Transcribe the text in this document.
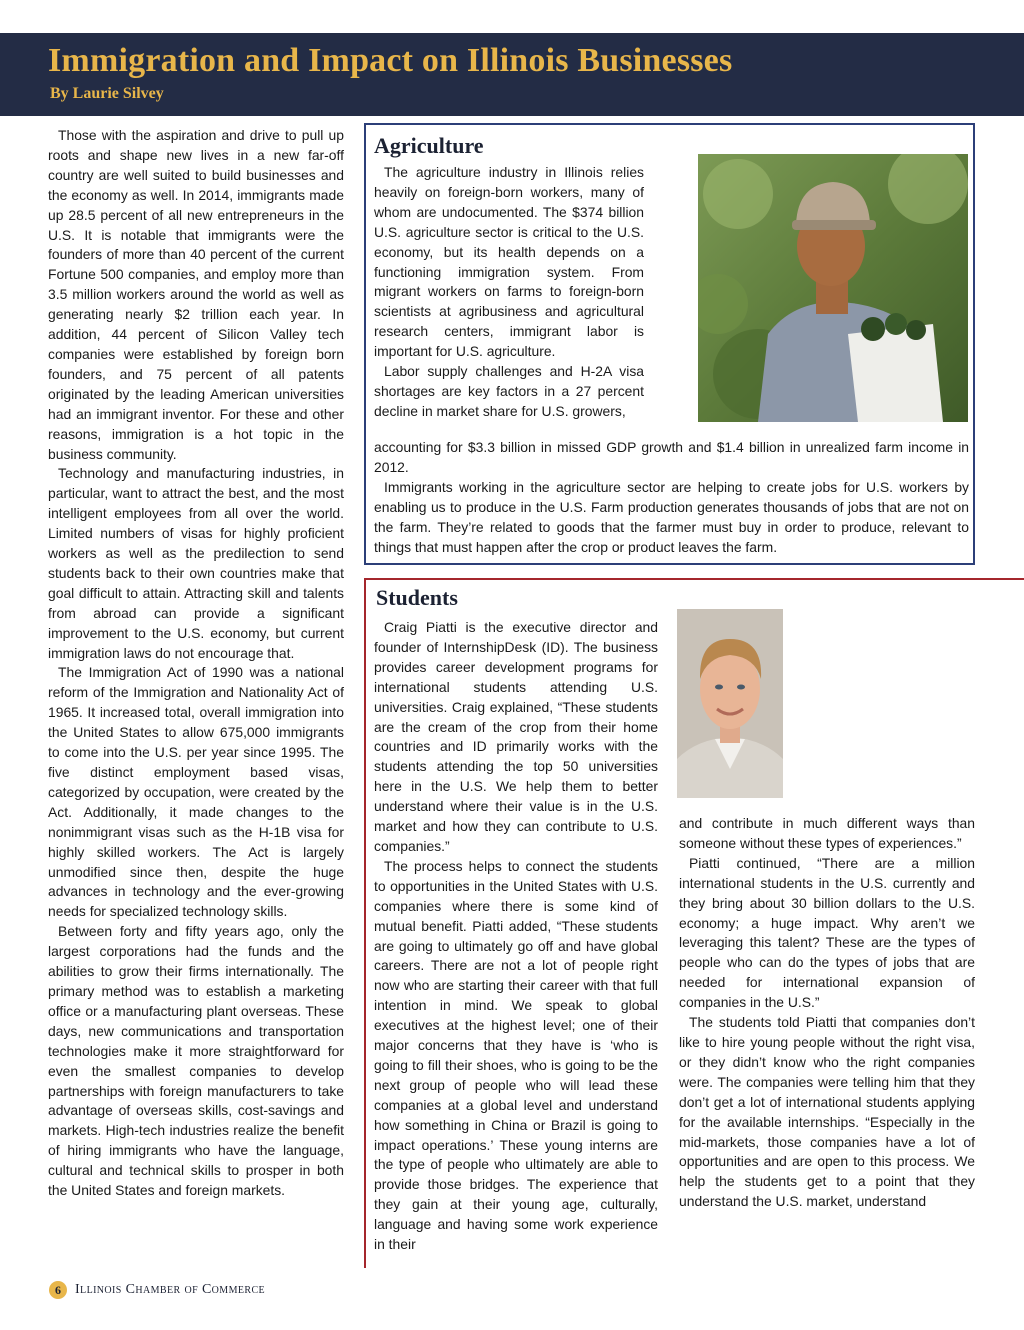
Immigration and Impact on Illinois Businesses
By Laurie Silvey

Those with the aspiration and drive to pull up roots and shape new lives in a new far-off country are well suited to build businesses and the economy as well. In 2014, immigrants made up 28.5 percent of all new entrepreneurs in the U.S. It is notable that immigrants were the founders of more than 40 percent of the current Fortune 500 companies, and employ more than 3.5 million workers around the world as well as generating nearly $2 trillion each year. In addition, 44 percent of Silicon Valley tech companies were established by foreign born founders, and 75 percent of all patents originated by the leading American universities had an immigrant inventor. For these and other reasons, immigration is a hot topic in the business community.

Technology and manufacturing industries, in particular, want to attract the best, and the most intelligent employees from all over the world. Limited numbers of visas for highly proficient workers as well as the predilection to send students back to their own countries make that goal difficult to attain. Attracting skill and talents from abroad can provide a significant improvement to the U.S. economy, but current immigration laws do not encourage that.

The Immigration Act of 1990 was a national reform of the Immigration and Nationality Act of 1965. It increased total, overall immigration into the United States to allow 675,000 immigrants to come into the U.S. per year since 1995. The five distinct employment based visas, categorized by occupation, were created by the Act. Additionally, it made changes to the nonimmigrant visas such as the H-1B visa for highly skilled workers. The Act is largely unmodified since then, despite the huge advances in technology and the ever-growing needs for specialized technology skills.

Between forty and fifty years ago, only the largest corporations had the funds and the abilities to grow their firms internationally. The primary method was to establish a marketing office or a manufacturing plant overseas. These days, new communications and transportation technologies make it more straightforward for even the smallest companies to develop partnerships with foreign manufacturers to take advantage of overseas skills, cost-savings and markets. High-tech industries realize the benefit of hiring immigrants who have the language, cultural and technical skills to prosper in both the United States and foreign markets.

Agriculture

The agriculture industry in Illinois relies heavily on foreign-born workers, many of whom are undocumented. The $374 billion U.S. agriculture sector is critical to the U.S. economy, but its health depends on a functioning immigration system. From migrant workers on farms to foreign-born scientists at agribusiness and agricultural research centers, immigrant labor is important for U.S. agriculture.

Labor supply challenges and H-2A visa shortages are key factors in a 27 percent decline in market share for U.S. growers,

accounting for $3.3 billion in missed GDP growth and $1.4 billion in unrealized farm income in 2012.

Immigrants working in the agriculture sector are helping to create jobs for U.S. workers by enabling us to produce in the U.S. Farm production generates thousands of jobs that are not on the farm. They’re related to goods that the farmer must buy in order to produce, relevant to things that must happen after the crop or product leaves the farm.

Students

Craig Piatti is the executive director and founder of InternshipDesk (ID). The business provides career development programs for international students attending U.S. universities. Craig explained, “These students are the cream of the crop from their home countries and ID primarily works with the students attending the top 50 universities here in the U.S. We help them to better understand where their value is in the U.S. market and how they can contribute to U.S. companies.”

The process helps to connect the students to opportunities in the United States with U.S. companies where there is some kind of mutual benefit. Piatti added, “These students are going to ultimately go off and have global careers. There are not a lot of people right now who are starting their career with that full intention in mind. We speak to global executives at the highest level; one of their major concerns that they have is ‘who is going to fill their shoes, who is going to be the next group of people who will lead these companies at a global level and understand how something in China or Brazil is going to impact operations.’ These young interns are the type of people who ultimately are able to provide those bridges. The experience that they gain at their young age, culturally, language and having some work experience in their

and contribute in much different ways than someone without these types of experiences.”

Piatti continued, “There are a million international students in the U.S. currently and they bring about 30 billion dollars to the U.S. economy; a huge impact. Why aren’t we leveraging this talent? These are the types of people who can do the types of jobs that are needed for international expansion of companies in the U.S.”

The students told Piatti that companies don’t like to hire young people without the right visa, or they didn’t know who the right companies were. The companies were telling him that they don’t get a lot of international students applying for the available internships. “Especially in the mid-markets, those companies have a lot of opportunities and are open to this process. We help the students get to a point that they understand the U.S. market, understand

6	Illinois Chamber of Commerce
